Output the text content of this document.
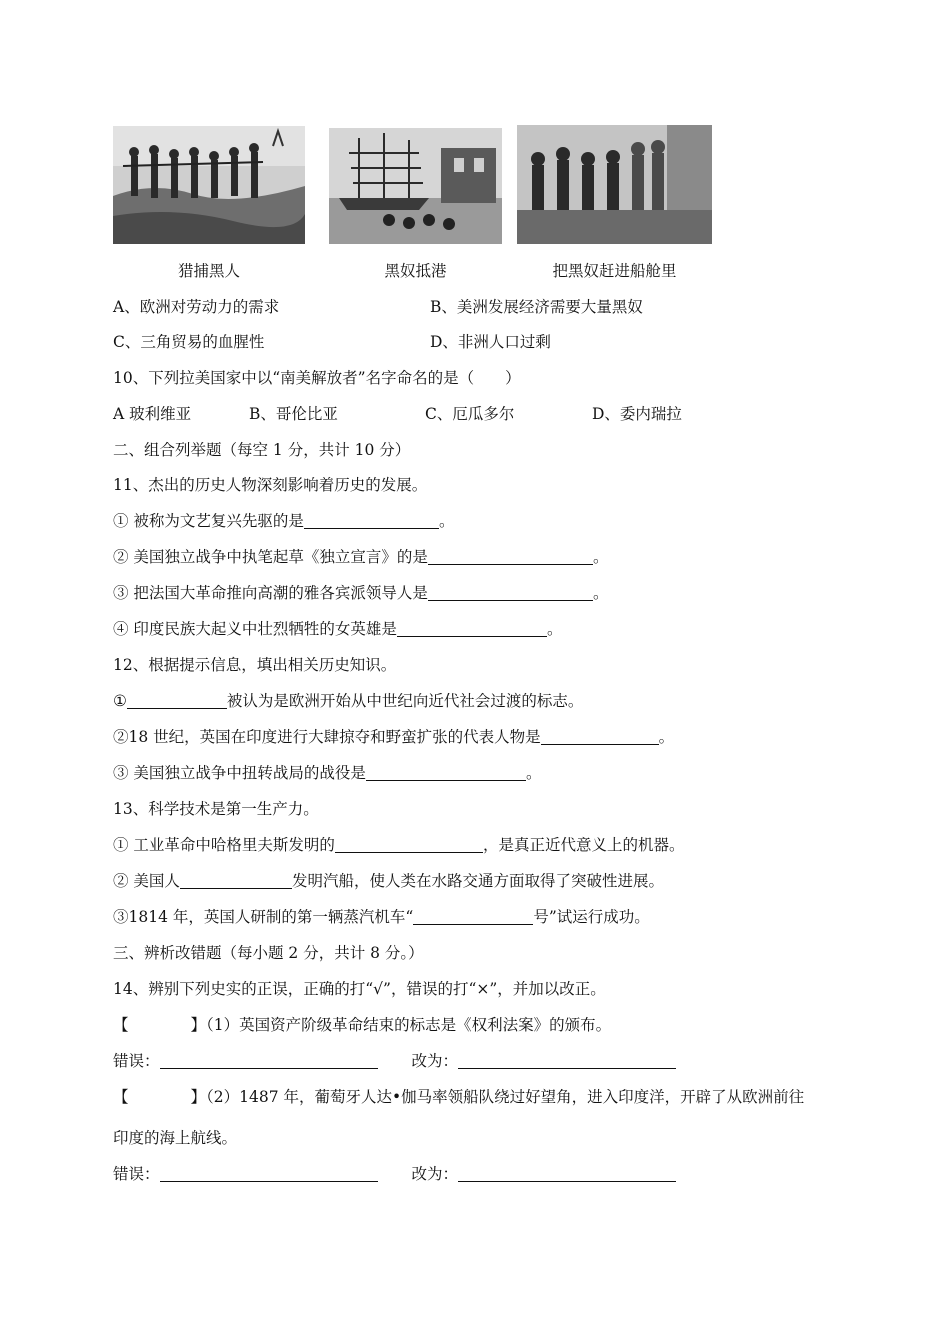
猎捕黑人	黑奴抵港	把黑奴赶进船舱里
A、欧洲对劳动力的需求	B、美洲发展经济需要大量黑奴
C、三角贸易的血腥性	D、非洲人口过剩
10、下列拉美国家中以“南美解放者”名字命名的是（　　）
A 玻利维亚	B、哥伦比亚	C、厄瓜多尔	D、委内瑞拉
二、组合列举题（每空 1 分，共计 10 分）
11、杰出的历史人物深刻影响着历史的发展。
① 被称为文艺复兴先驱的是	。
② 美国独立战争中执笔起草《独立宣言》的是	。
③ 把法国大革命推向高潮的雅各宾派领导人是	。
④ 印度民族大起义中壮烈牺牲的女英雄是	。
12、根据提示信息，填出相关历史知识。
①	被认为是欧洲开始从中世纪向近代社会过渡的标志。
②18 世纪，英国在印度进行大肆掠夺和野蛮扩张的代表人物是	。
③ 美国独立战争中扭转战局的战役是	。
13、科学技术是第一生产力。
① 工业革命中哈格里夫斯发明的	，是真正近代意义上的机器。
② 美国人	发明汽船，使人类在水路交通方面取得了突破性进展。
③1814 年，英国人研制的第一辆蒸汽机车“	号”试运行成功。
三、辨析改错题（每小题 2 分，共计 8 分。）
14、辨别下列史实的正误，正确的打“√”，错误的打“×”，并加以改正。
【	】（1）英国资产阶级革命结束的标志是《权利法案》的颁布。
错误：	改为：
【	】（2）1487 年，葡萄牙人达•伽马率领船队绕过好望角，进入印度洋，开辟了从欧洲前往
印度的海上航线。
错误：	改为：
